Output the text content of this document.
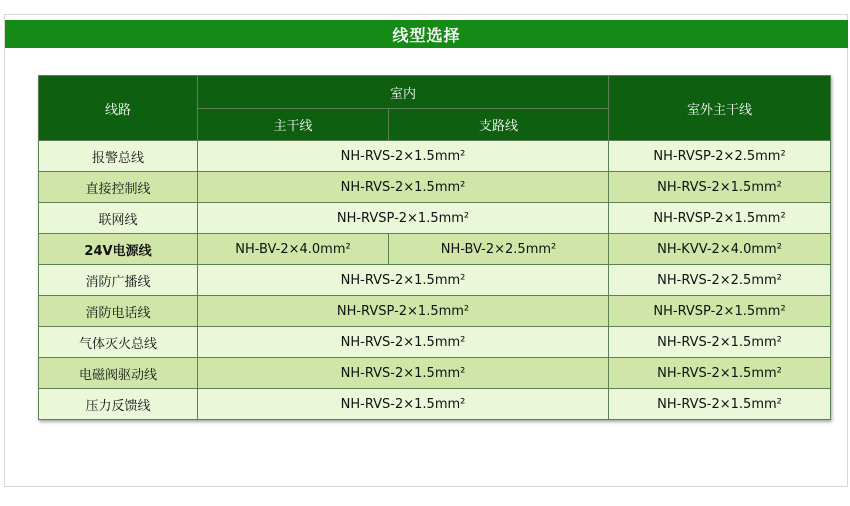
线型选择
线路	室内		室外主干线
	主干线	支路线	
报警总线	NH-RVS-2×1.5mm²		NH-RVSP-2×2.5mm²
直接控制线	NH-RVS-2×1.5mm²		NH-RVS-2×1.5mm²
联网线	NH-RVSP-2×1.5mm²		NH-RVSP-2×1.5mm²
24V电源线	NH-BV-2×4.0mm²	NH-BV-2×2.5mm²	NH-KVV-2×4.0mm²
消防广播线	NH-RVS-2×1.5mm²		NH-RVS-2×2.5mm²
消防电话线	NH-RVSP-2×1.5mm²		NH-RVSP-2×1.5mm²
气体灭火总线	NH-RVS-2×1.5mm²		NH-RVS-2×1.5mm²
电磁阀驱动线	NH-RVS-2×1.5mm²		NH-RVS-2×1.5mm²
压力反馈线	NH-RVS-2×1.5mm²		NH-RVS-2×1.5mm²
